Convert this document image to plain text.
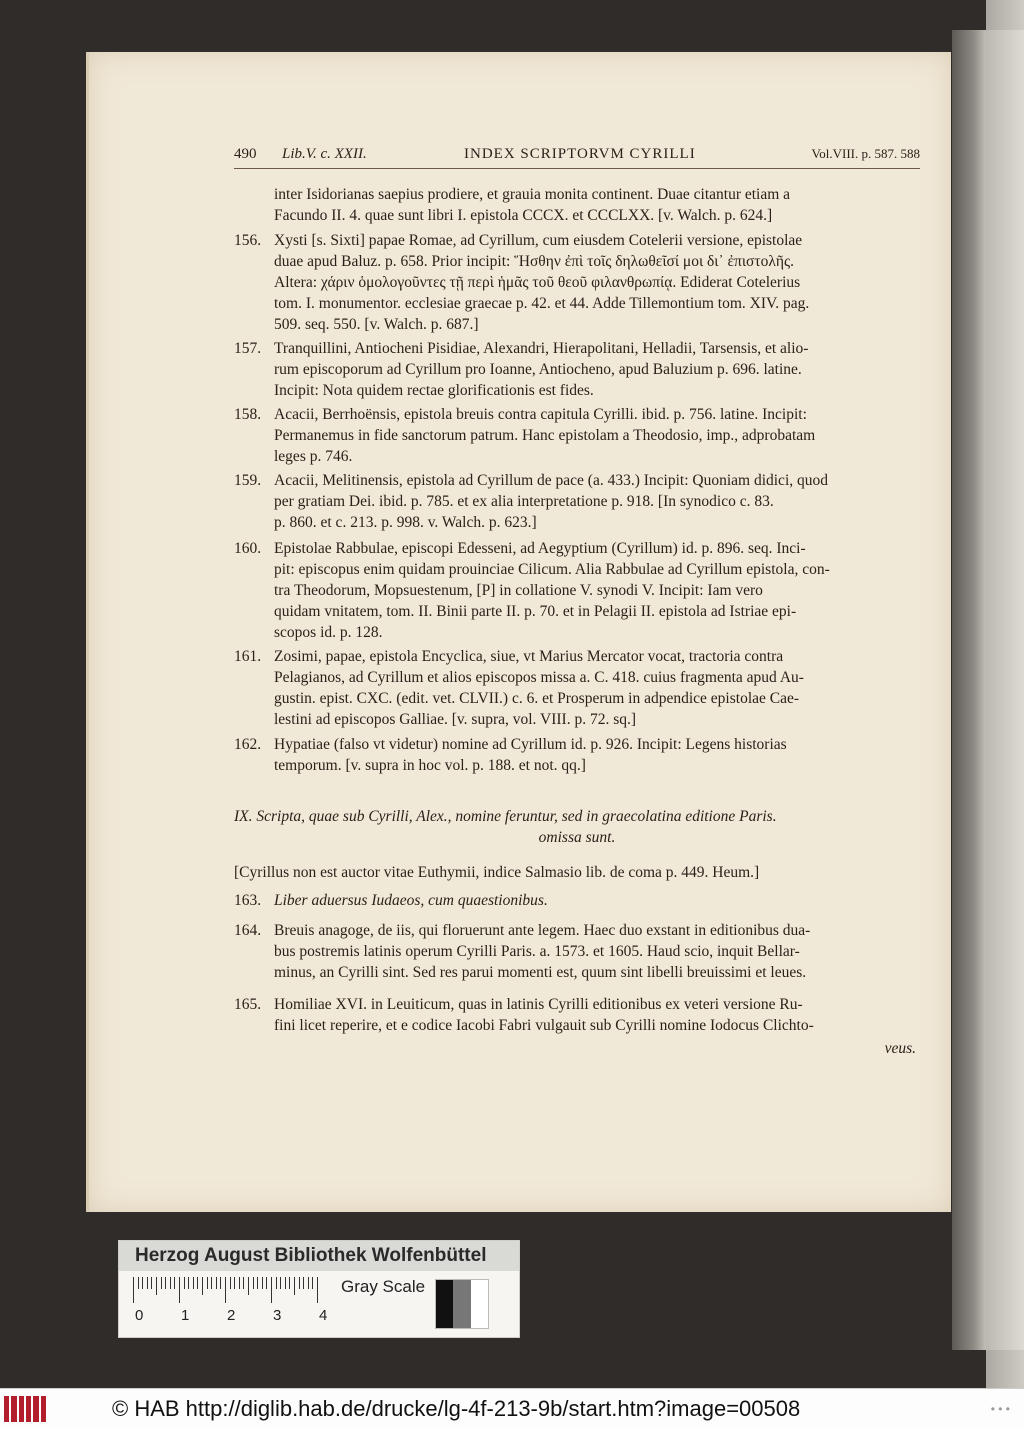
490 Lib.V. c. XXII.	INDEX SCRIPTORVM CYRILLI	Vol.VIII. p. 587. 588
inter Isidorianas saepius prodiere, et grauia monita continent. Duae citantur etiam a
Facundo II. 4. quae sunt libri I. epistola CCCX. et CCCLXX. [v. Walch. p. 624.]
156. Xysti [s. Sixti] papae Romae, ad Cyrillum, cum eiusdem Cotelerii versione, epistolae
duae apud Baluz. p. 658. Prior incipit: Ἥσθην ἐπὶ τοῖς δηλωθεῖσί μοι δι᾽ ἐπιστολῆς.
Altera: χάριν ὁμολογοῦντες τῇ περὶ ἡμᾶς τοῦ θεοῦ φιλανθρωπίᾳ. Ediderat Cotelerius
tom. I. monumentor. ecclesiae graecae p. 42. et 44. Adde Tillemontium tom. XIV. pag.
509. seq. 550. [v. Walch. p. 687.]
157. Tranquillini, Antiocheni Pisidiae, Alexandri, Hierapolitani, Helladii, Tarsensis, et alio-
rum episcoporum ad Cyrillum pro Ioanne, Antiocheno, apud Baluzium p. 696. latine.
Incipit: Nota quidem rectae glorificationis est fides.
158. Acacii, Berrhoënsis, epistola breuis contra capitula Cyrilli. ibid. p. 756. latine. Incipit:
Permanemus in fide sanctorum patrum. Hanc epistolam a Theodosio, imp., adprobatam
leges p. 746.
159. Acacii, Melitinensis, epistola ad Cyrillum de pace (a. 433.) Incipit: Quoniam didici, quod
per gratiam Dei. ibid. p. 785. et ex alia interpretatione p. 918. [In synodico c. 83.
p. 860. et c. 213. p. 998. v. Walch. p. 623.]
160. Epistolae Rabbulae, episcopi Edesseni, ad Aegyptium (Cyrillum) id. p. 896. seq. Inci-
pit: episcopus enim quidam prouinciae Cilicum. Alia Rabbulae ad Cyrillum epistola, con-
tra Theodorum, Mopsuestenum, [P] in collatione V. synodi V. Incipit: Iam vero
quidam vnitatem, tom. II. Binii parte II. p. 70. et in Pelagii II. epistola ad Istriae epi-
scopos id. p. 128.
161. Zosimi, papae, epistola Encyclica, siue, vt Marius Mercator vocat, tractoria contra
Pelagianos, ad Cyrillum et alios episcopos missa a. C. 418. cuius fragmenta apud Au-
gustin. epist. CXC. (edit. vet. CLVII.) c. 6. et Prosperum in adpendice epistolae Cae-
lestini ad episcopos Galliae. [v. supra, vol. VIII. p. 72. sq.]
162. Hypatiae (falso vt videtur) nomine ad Cyrillum id. p. 926. Incipit: Legens historias
temporum. [v. supra in hoc vol. p. 188. et not. qq.]
IX. Scripta, quae sub Cyrilli, Alex., nomine feruntur, sed in graecolatina editione Paris.
omissa sunt.
[Cyrillus non est auctor vitae Euthymii, indice Salmasio lib. de coma p. 449. Heum.]
163. Liber aduersus Iudaeos, cum quaestionibus.
164. Breuis anagoge, de iis, qui floruerunt ante legem. Haec duo exstant in editionibus dua-
bus postremis latinis operum Cyrilli Paris. a. 1573. et 1605. Haud scio, inquit Bellar-
minus, an Cyrilli sint. Sed res parui momenti est, quum sint libelli breuissimi et leues.
165. Homiliae XVI. in Leuiticum, quas in latinis Cyrilli editionibus ex veteri versione Ru-
fini licet reperire, et e codice Iacobi Fabri vulgauit sub Cyrilli nomine Iodocus Clichto-
veus.
Herzog August Bibliothek Wolfenbüttel
0	1	2	3	4
Gray Scale
© HAB http://diglib.hab.de/drucke/lg-4f-213-9b/start.htm?image=00508	• • •
